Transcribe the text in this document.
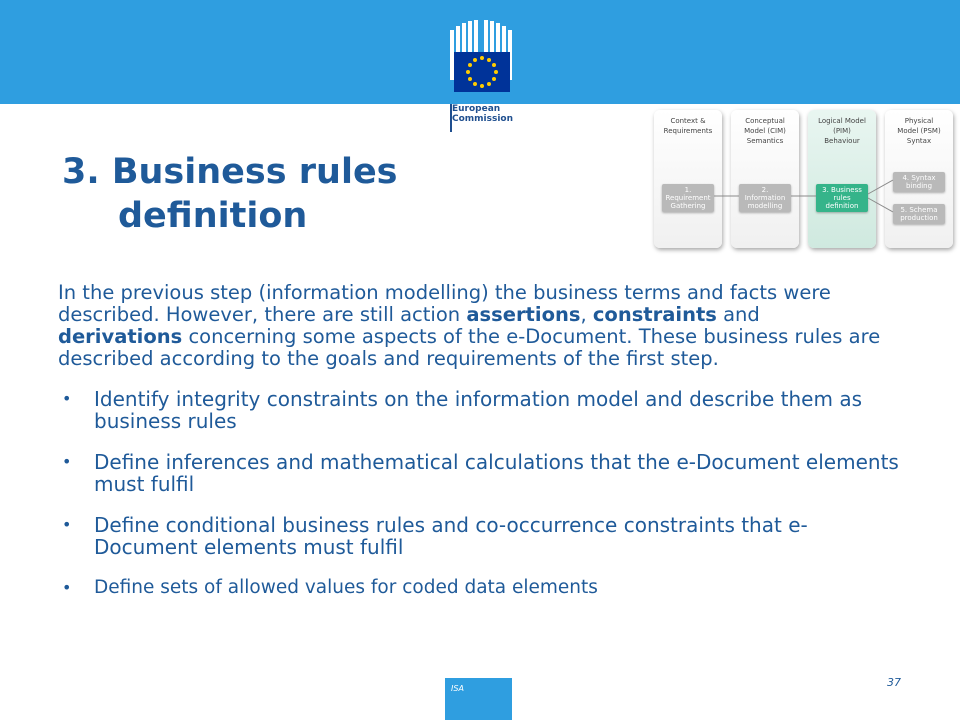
European
Commission
3. Business rules
definition
Context &
Requirements
1.
Requirement
Gathering
Conceptual
Model (CIM)
Semantics
2.
Information
modelling
Logical Model
(PIM)
Behaviour
3. Business
rules
definition
Physical
Model (PSM)
Syntax
4. Syntax
binding
5. Schema
production

In the previous step (information modelling) the business terms and facts were described. However, there are still action assertions, constraints and derivations concerning some aspects of the e-Document. These business rules are described according to the goals and requirements of the first step.

• Identify integrity constraints on the information model and describe them as business rules
• Define inferences and mathematical calculations that the e-Document elements must fulfil
• Define conditional business rules and co-occurrence constraints that e-Document elements must fulfil
• Define sets of allowed values for coded data elements
ISA	37
